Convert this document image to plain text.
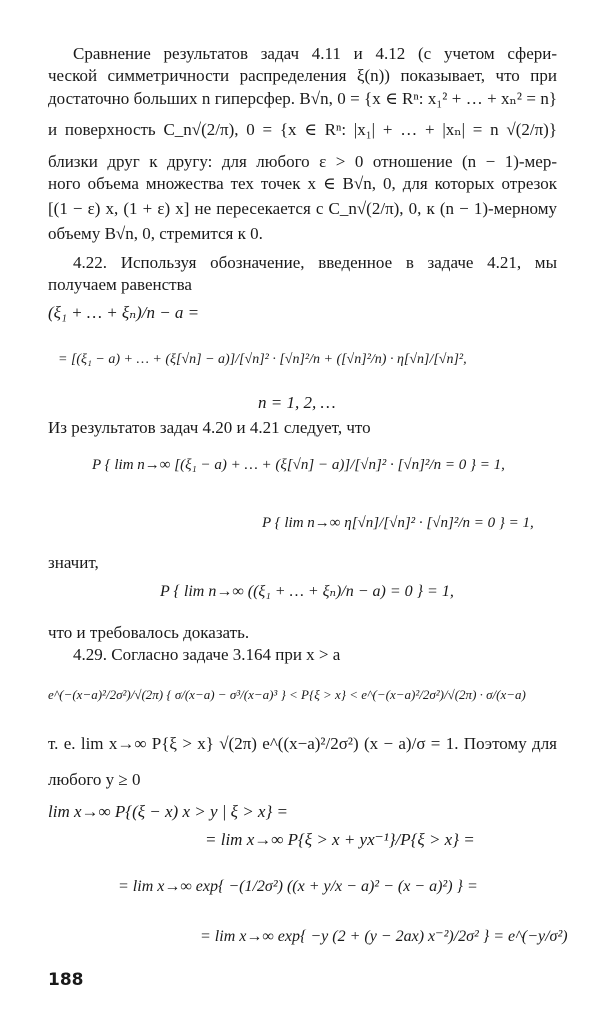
Сравнение результатов задач 4.11 и 4.12 (с учетом сфери-
ческой симметричности распределения ξ(n)) показывает, что при
достаточно больших n гиперсфер. B√n, 0 = {x ∈ Rⁿ: x₁² + … + xₙ² = n}
и поверхность C_n√(2/π), 0 = {x ∈ Rⁿ: |x₁| + … + |xₙ| = n √(2/π)}
близки друг к другу: для любого ε > 0 отношение (n − 1)-мер-
ного объема множества тех точек x ∈ B√n, 0, для которых отрезок
[(1 − ε) x, (1 + ε) x] не пересекается с C_n√(2/π), 0, к (n − 1)-мерному
объему B√n, 0, стремится к 0.
4.22. Используя обозначение, введенное в задаче 4.21, мы
получаем равенства
(ξ₁ + … + ξₙ)/n − a =
= [(ξ₁ − a) + … + (ξ[√n] − a)]/[√n]² · [√n]²/n + ([√n]²/n) · η[√n]/[√n]²,
n = 1, 2, …
Из результатов задач 4.20 и 4.21 следует, что
P { lim n→∞ [(ξ₁ − a) + … + (ξ[√n] − a)]/[√n]² · [√n]²/n = 0 } = 1,
P { lim n→∞ η[√n]/[√n]² · [√n]²/n = 0 } = 1,
значит,
P { lim n→∞ ((ξ₁ + … + ξₙ)/n − a) = 0 } = 1,
что и требовалось доказать.
4.29. Согласно задаче 3.164 при x > a
e^(−(x−a)²/2σ²)/√(2π) { σ/(x−a) − σ³/(x−a)³ } < P{ξ > x} < e^(−(x−a)²/2σ²)/√(2π) · σ/(x−a)
т. е. lim x→∞ P{ξ > x} √(2π) e^((x−a)²/2σ²) (x − a)/σ = 1. Поэтому для
любого y ≥ 0
lim x→∞ P{(ξ − x) x > y | ξ > x} =
= lim x→∞ P{ξ > x + yx⁻¹}/P{ξ > x} =
= lim x→∞ exp{ −(1/2σ²) ((x + y/x − a)² − (x − a)²) } =
= lim x→∞ exp{ −y (2 + (y − 2ax) x⁻²)/2σ² } = e^(−y/σ²)
188
